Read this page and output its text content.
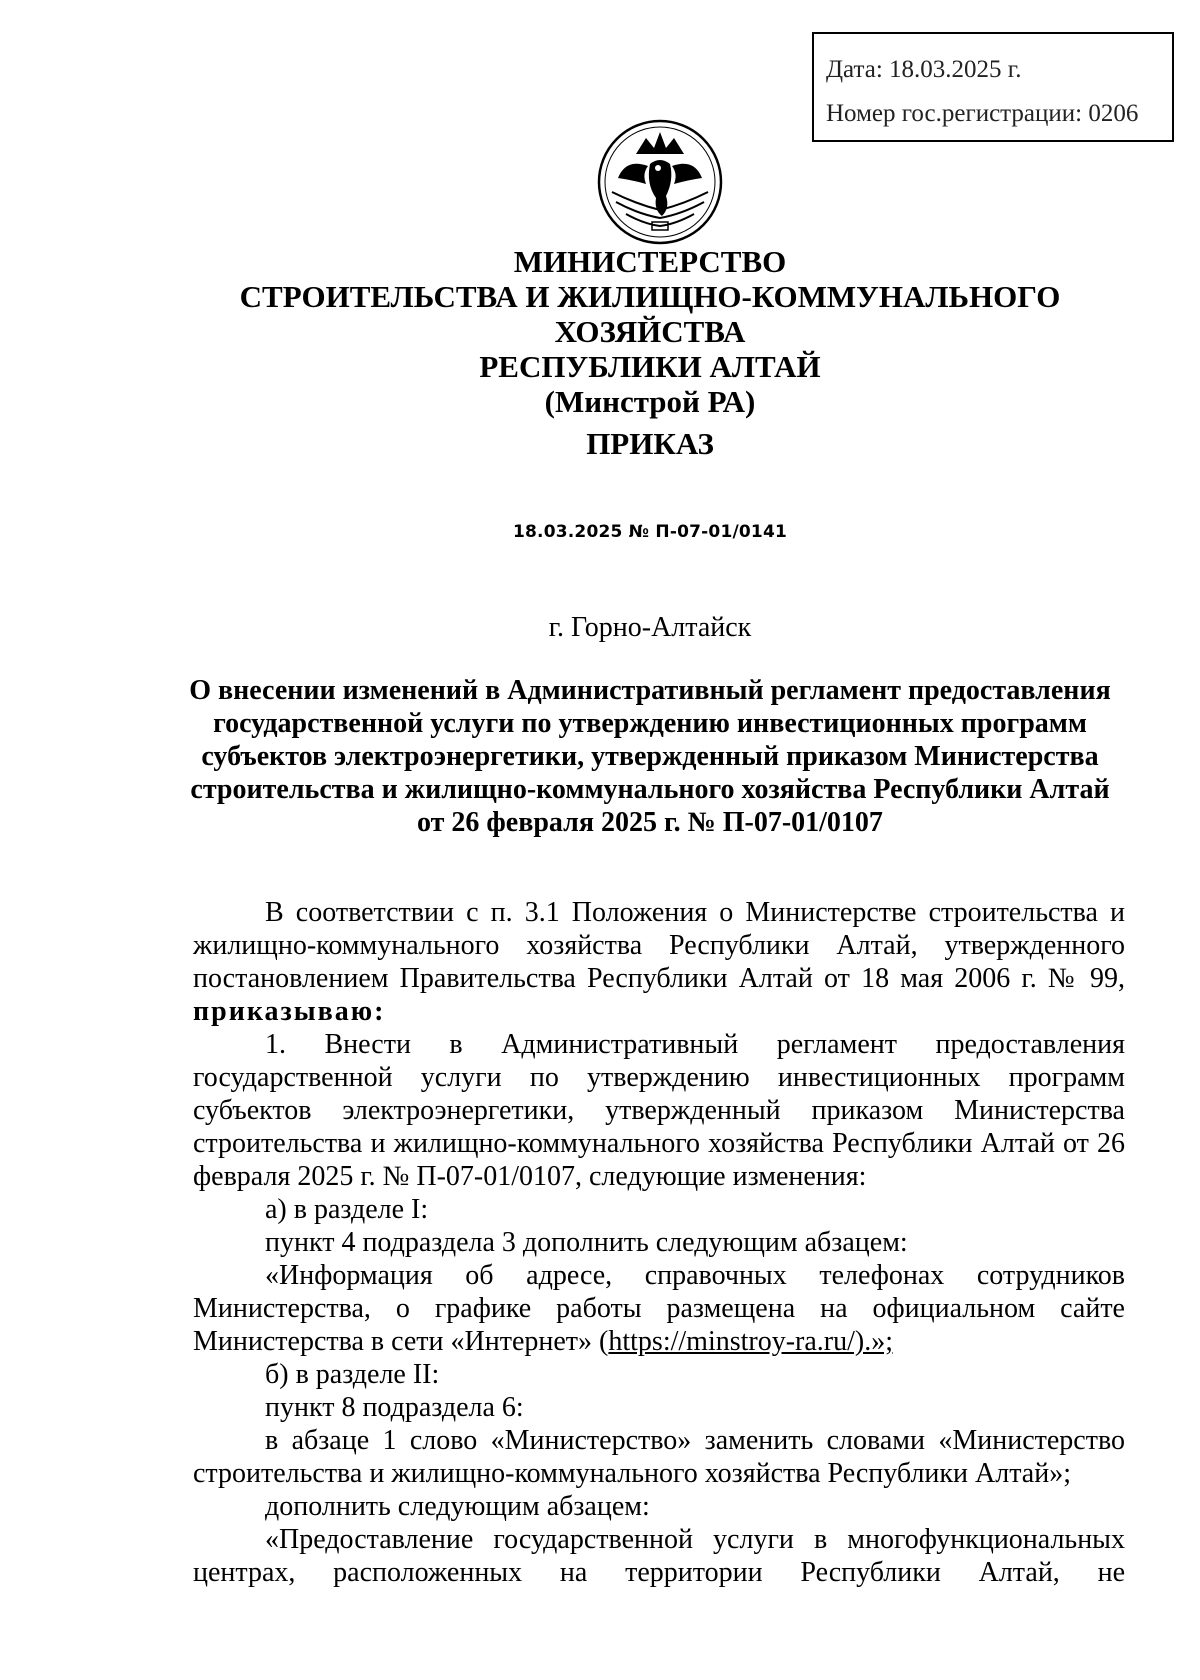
Дата: 18.03.2025 г.
Номер гос.регистрации: 0206
МИНИСТЕРСТВО
СТРОИТЕЛЬСТВА И ЖИЛИЩНО-КОММУНАЛЬНОГО ХОЗЯЙСТВА
РЕСПУБЛИКИ АЛТАЙ
(Минстрой РА)
ПРИКАЗ
18.03.2025 № П-07-01/0141
г. Горно-Алтайск
О внесении изменений в Административный регламент предоставления
государственной услуги по утверждению инвестиционных программ
субъектов электроэнергетики, утвержденный приказом Министерства
строительства и жилищно-коммунального хозяйства Республики Алтай
от 26 февраля 2025 г. № П-07-01/0107

В соответствии с п. 3.1 Положения о Министерстве строительства и жилищно-коммунального хозяйства Республики Алтай, утвержденного постановлением Правительства Республики Алтай от 18 мая 2006 г. № 99, приказываю:

1. Внести в Административный регламент предоставления государственной услуги по утверждению инвестиционных программ субъектов электроэнергетики, утвержденный приказом Министерства строительства и жилищно-коммунального хозяйства Республики Алтай от 26 февраля 2025 г. № П-07-01/0107, следующие изменения:

а) в разделе I:

пункт 4 подраздела 3 дополнить следующим абзацем:

«Информация об адресе, справочных телефонах сотрудников Министерства, о графике работы размещена на официальном сайте Министерства в сети «Интернет» (https://minstroy-ra.ru/).»;

б) в разделе II:

пункт 8 подраздела 6:

в абзаце 1 слово «Министерство» заменить словами «Министерство строительства и жилищно-коммунального хозяйства Республики Алтай»;

дополнить следующим абзацем:

«Предоставление государственной услуги в многофункциональных центрах, расположенных на территории Республики Алтай, не
